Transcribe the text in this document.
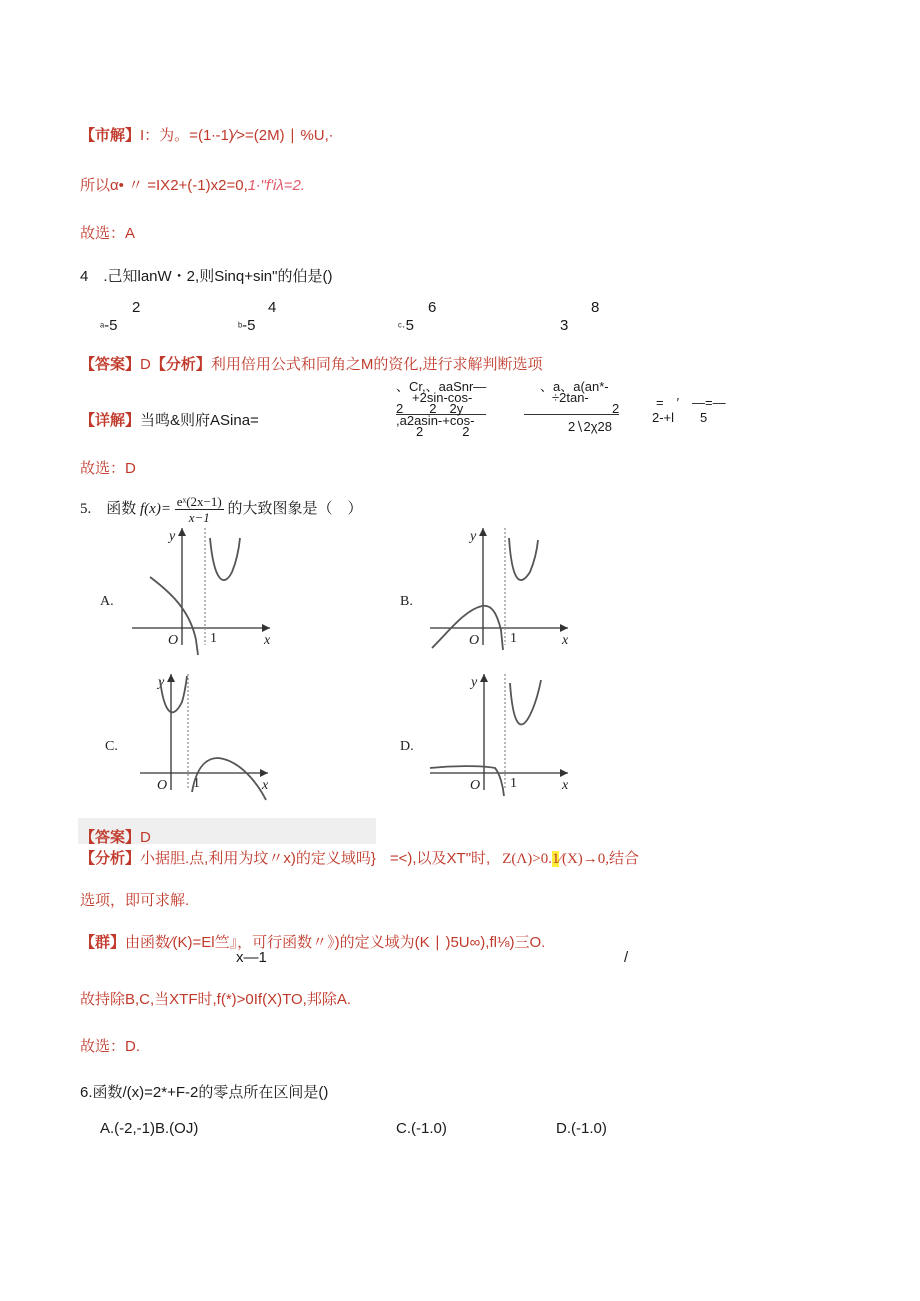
【市解】I：为。=(1∙-1)∕>=(2M) ∣ %U,∙
所以α• 〃 =IX2+(-1)x2=0,1∙''f'iλ=2.
故选：A
4　.己知lanW・2,则Sinq+sin"的伯是()
2
ᵃ-5
4
ᵇ-5
6
ᶜ·5
8
3
【答案】D【分析】利用倍用公式和同角之M的资化,进行求解判断选项
【详解】当鸣&则府ASina=
、Cr,、aaSnr—
+2sin-cos-
2　　2　2y
,a2asin-+cos-
2　　　2
、a、a(an*-
÷2tan-
2
2∖2χ28
=　′　—=—
2-+l　　5
故选：D
5.　函数 $f(x)= \frac{\text{eˣ(2x−1)}}{x-1}$ 的大致图象是（　）
A.
x
y
O 1
B.
x
y
O 1
C.
x
y
O 1
D.
x
y
O 1
【答案】D
【分析】小据胆.点,利用为坟〃x)的定义域吗} =<),以及XT"时, Z(Λ)>0.1∕(X)→0,结合
选项，即可求解.
【群】由函数∕(K)=El竺』，可行函数〃》)的定义域为(K ∣ )5U∞),fl⅛)三O.
x—1	/
故持除B,C,当XTF时,f(*)>0If(X)TO,邦除A.
故选：D.
6.函数/(x)=2*+F-2的零点所在区间是()
A.(-2,-1)B.(OJ)	C.(-1.0)	D.(-1.0)
